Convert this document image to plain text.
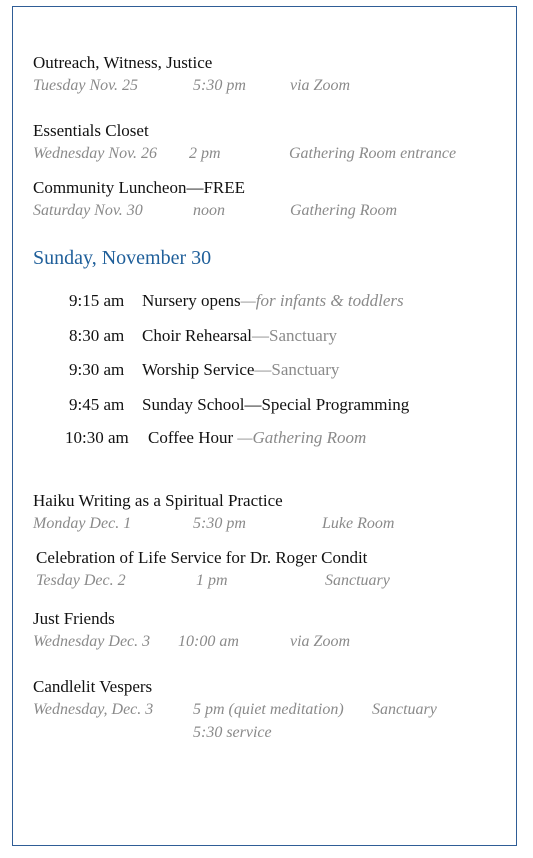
Outreach, Witness, Justice
Tuesday Nov. 25	5:30 pm	via Zoom
Essentials Closet
Wednesday Nov. 26 2 pm	Gathering Room entrance
Community Luncheon—FREE
Saturday Nov. 30	noon	Gathering Room
Sunday, November 30
9:15 am Nursery opens—for infants & toddlers
8:30 am Choir Rehearsal—Sanctuary
9:30 am Worship Service—Sanctuary
9:45 am Sunday School—Special Programming
10:30 am Coffee Hour —Gathering Room
Haiku Writing as a Spiritual Practice
Monday Dec. 1	5:30 pm	Luke Room
Celebration of Life Service for Dr. Roger Condit
Tesday Dec. 2	1 pm	Sanctuary
Just Friends
Wednesday Dec. 3 10:00 am	via Zoom
Candlelit Vespers
Wednesday, Dec. 3 5 pm (quiet meditation) Sanctuary
5:30 service
